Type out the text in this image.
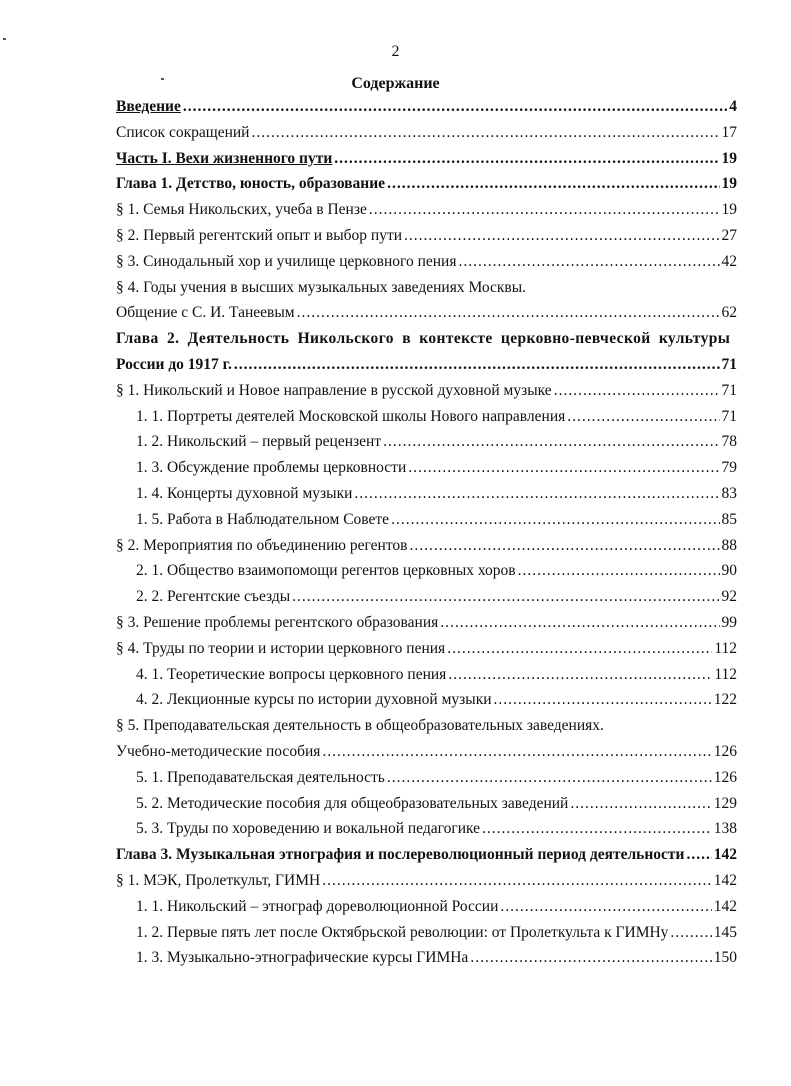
2
Содержание
Введение .....	4
Список сокращений .....	17
Часть I. Вехи жизненного пути .....	19
Глава 1. Детство, юность, образование .....	19
§ 1. Семья Никольских, учеба в Пензе .....	19
§ 2. Первый регентский опыт и выбор пути .....	27
§ 3. Синодальный хор и училище церковного пения .....	42
§ 4. Годы учения в высших музыкальных заведениях Москвы.
Общение с С. И. Танеевым .....	62
Глава 2. Деятельность Никольского в контексте церковно-певческой культуры
России до 1917 г. .....	71
§ 1. Никольский и Новое направление в русской духовной музыке .....	71
1. 1. Портреты деятелей Московской школы Нового направления .....	71
1. 2. Никольский – первый рецензент .....	78
1. 3. Обсуждение проблемы церковности .....	79
1. 4. Концерты духовной музыки .....	83
1. 5. Работа в Наблюдательном Совете .....	85
§ 2. Мероприятия по объединению регентов .....	88
2. 1. Общество взаимопомощи регентов церковных хоров .....	90
2. 2. Регентские съезды .....	92
§ 3. Решение проблемы регентского образования .....	99
§ 4. Труды по теории и истории церковного пения .....	112
4. 1. Теоретические вопросы церковного пения .....	112
4. 2. Лекционные курсы по истории духовной музыки .....	122
§ 5. Преподавательская деятельность в общеобразовательных заведениях.
Учебно-методические пособия .....	126
5. 1. Преподавательская деятельность .....	126
5. 2. Методические пособия для общеобразовательных заведений .....	129
5. 3. Труды по хороведению и вокальной педагогике .....	138
Глава 3. Музыкальная этнография и послереволюционный период деятельности ..... 142
§ 1. МЭК, Пролеткульт, ГИМН .....	142
1. 1. Никольский – этнограф дореволюционной России .....	142
1. 2. Первые пять лет после Октябрьской революции: от Пролеткульта к ГИМНу .....	145
1. 3. Музыкально-этнографические курсы ГИМНа .....	150
